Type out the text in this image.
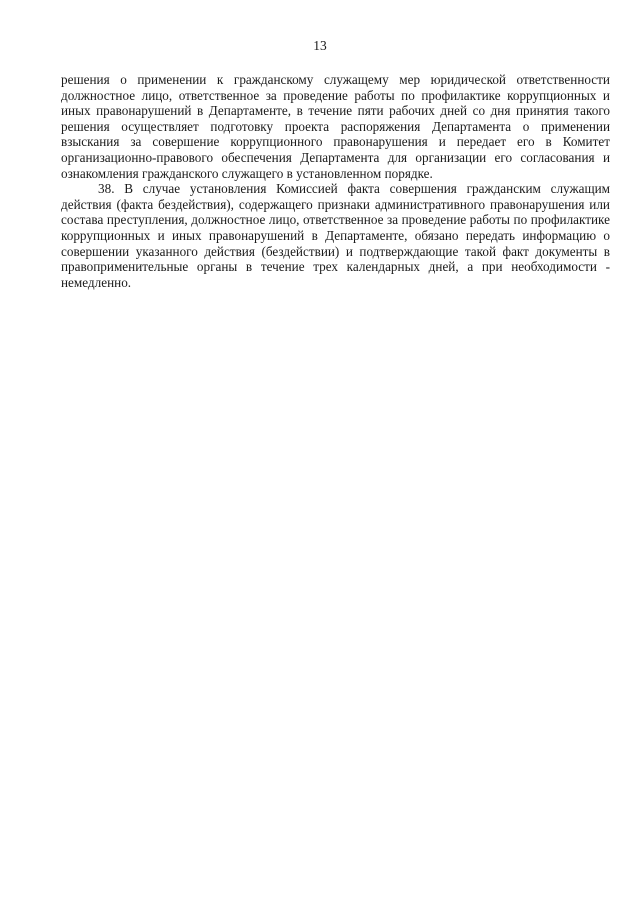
13

решения о применении к гражданскому служащему мер юридической ответственности должностное лицо, ответственное за проведение работы по профилактике коррупционных и иных правонарушений в Департаменте, в течение пяти рабочих дней со дня принятия такого решения осуществляет подготовку проекта распоряжения Департамента о применении взыскания за совершение коррупционного правонарушения и передает его в Комитет организационно-правового обеспечения Департамента для организации его согласования и ознакомления гражданского служащего в установленном порядке.

38. В случае установления Комиссией факта совершения гражданским служащим действия (факта бездействия), содержащего признаки административного правонарушения или состава преступления, должностное лицо, ответственное за проведение работы по профилактике коррупционных и иных правонарушений в Департаменте, обязано передать информацию о совершении указанного действия (бездействии) и подтверждающие такой факт документы в правоприменительные органы в течение трех календарных дней, а при необходимости - немедленно.
